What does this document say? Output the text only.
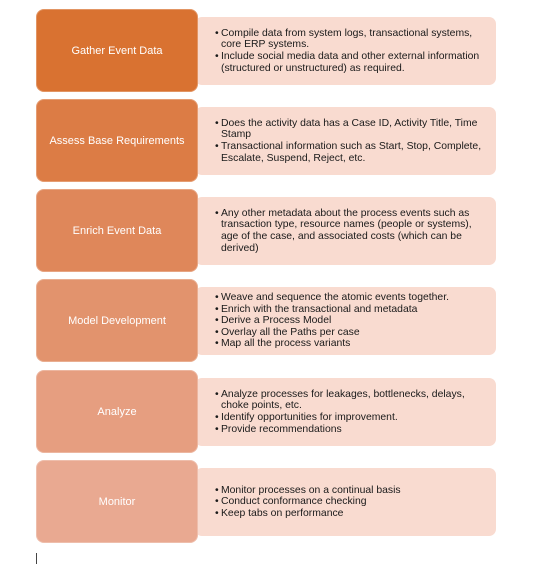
• Compile data from system logs, transactional systems, core ERP systems.
• Include social media data and other external information (structured or unstructured) as required.
Gather Event Data
• Does the activity data has a Case ID, Activity Title, Time Stamp
• Transactional information such as Start, Stop, Complete, Escalate, Suspend, Reject, etc.
Assess Base Requirements
• Any other metadata about the process events such as transaction type, resource names (people or systems), age of the case, and associated costs (which can be derived)
Enrich Event Data
• Weave and sequence the atomic events together.
• Enrich with the transactional and metadata
• Derive a Process Model
• Overlay all the Paths per case
• Map all the process variants
Model Development
• Analyze processes for leakages, bottlenecks, delays, choke points, etc.
• Identify opportunities for improvement.
• Provide recommendations
Analyze
• Monitor processes on a continual basis
• Conduct conformance checking
• Keep tabs on performance
Monitor
